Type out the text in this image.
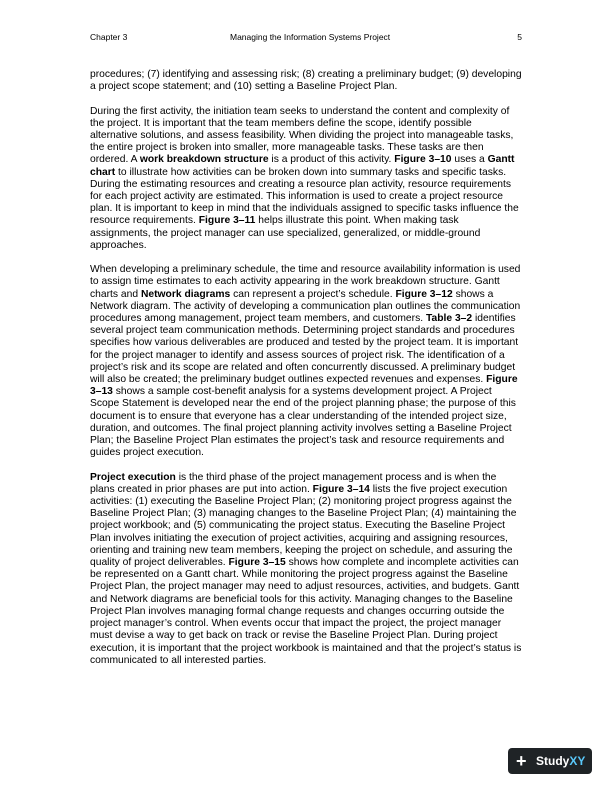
Chapter 3	Managing the Information Systems Project	5

procedures; (7) identifying and assessing risk; (8) creating a preliminary budget; (9) developing a project scope statement; and (10) setting a Baseline Project Plan.

During the first activity, the initiation team seeks to understand the content and complexity of the project. It is important that the team members define the scope, identify possible alternative solutions, and assess feasibility. When dividing the project into manageable tasks, the entire project is broken into smaller, more manageable tasks. These tasks are then ordered. A work breakdown structure is a product of this activity. Figure 3–10 uses a Gantt chart to illustrate how activities can be broken down into summary tasks and specific tasks. During the estimating resources and creating a resource plan activity, resource requirements for each project activity are estimated. This information is used to create a project resource plan. It is important to keep in mind that the individuals assigned to specific tasks influence the resource requirements. Figure 3–11 helps illustrate this point. When making task assignments, the project manager can use specialized, generalized, or middle-ground approaches.

When developing a preliminary schedule, the time and resource availability information is used to assign time estimates to each activity appearing in the work breakdown structure. Gantt charts and Network diagrams can represent a project’s schedule. Figure 3–12 shows a Network diagram. The activity of developing a communication plan outlines the communication procedures among management, project team members, and customers. Table 3–2 identifies several project team communication methods. Determining project standards and procedures specifies how various deliverables are produced and tested by the project team. It is important for the project manager to identify and assess sources of project risk. The identification of a project’s risk and its scope are related and often concurrently discussed. A preliminary budget will also be created; the preliminary budget outlines expected revenues and expenses. Figure 3–13 shows a sample cost-benefit analysis for a systems development project. A Project Scope Statement is developed near the end of the project planning phase; the purpose of this document is to ensure that everyone has a clear understanding of the intended project size, duration, and outcomes. The final project planning activity involves setting a Baseline Project Plan; the Baseline Project Plan estimates the project’s task and resource requirements and guides project execution.

Project execution is the third phase of the project management process and is when the plans created in prior phases are put into action. Figure 3–14 lists the five project execution activities: (1) executing the Baseline Project Plan; (2) monitoring project progress against the Baseline Project Plan; (3) managing changes to the Baseline Project Plan; (4) maintaining the project workbook; and (5) communicating the project status. Executing the Baseline Project Plan involves initiating the execution of project activities, acquiring and assigning resources, orienting and training new team members, keeping the project on schedule, and assuring the quality of project deliverables. Figure 3–15 shows how complete and incomplete activities can be represented on a Gantt chart. While monitoring the project progress against the Baseline Project Plan, the project manager may need to adjust resources, activities, and budgets. Gantt and Network diagrams are beneficial tools for this activity. Managing changes to the Baseline Project Plan involves managing formal change requests and changes occurring outside the project manager’s control. When events occur that impact the project, the project manager must devise a way to get back on track or revise the Baseline Project Plan. During project execution, it is important that the project workbook is maintained and that the project’s status is communicated to all interested parties.

+ StudyXY
